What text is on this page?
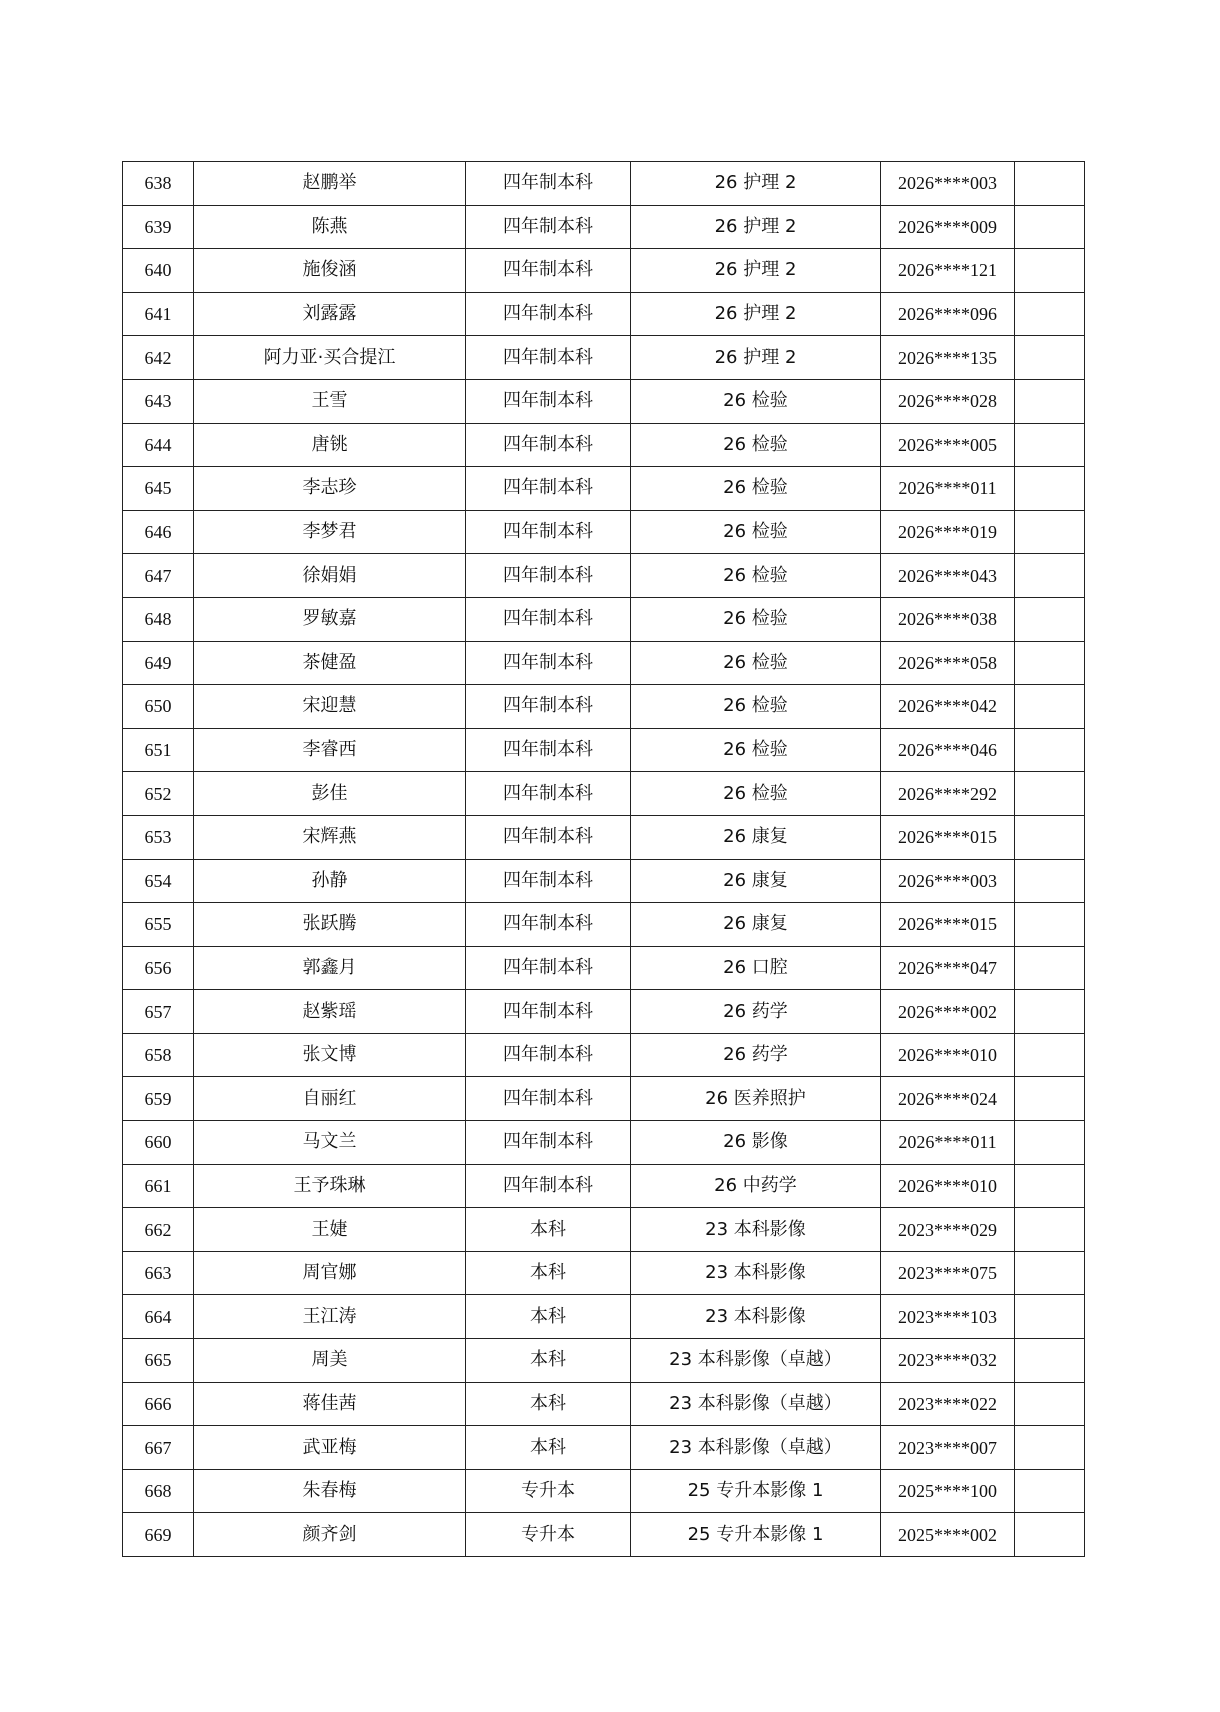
638	赵鹏举	四年制本科	26 护理 2	2026****003	
639	陈燕	四年制本科	26 护理 2	2026****009	
640	施俊涵	四年制本科	26 护理 2	2026****121	
641	刘露露	四年制本科	26 护理 2	2026****096	
642	阿力亚·买合提江	四年制本科	26 护理 2	2026****135	
643	王雪	四年制本科	26 检验	2026****028	
644	唐铫	四年制本科	26 检验	2026****005	
645	李志珍	四年制本科	26 检验	2026****011	
646	李梦君	四年制本科	26 检验	2026****019	
647	徐娟娟	四年制本科	26 检验	2026****043	
648	罗敏嘉	四年制本科	26 检验	2026****038	
649	茶健盈	四年制本科	26 检验	2026****058	
650	宋迎慧	四年制本科	26 检验	2026****042	
651	李睿西	四年制本科	26 检验	2026****046	
652	彭佳	四年制本科	26 检验	2026****292	
653	宋辉燕	四年制本科	26 康复	2026****015	
654	孙静	四年制本科	26 康复	2026****003	
655	张跃腾	四年制本科	26 康复	2026****015	
656	郭鑫月	四年制本科	26 口腔	2026****047	
657	赵紫瑶	四年制本科	26 药学	2026****002	
658	张文博	四年制本科	26 药学	2026****010	
659	自丽红	四年制本科	26 医养照护	2026****024	
660	马文兰	四年制本科	26 影像	2026****011	
661	王予珠琳	四年制本科	26 中药学	2026****010	
662	王婕	本科	23 本科影像	2023****029	
663	周官娜	本科	23 本科影像	2023****075	
664	王江涛	本科	23 本科影像	2023****103	
665	周美	本科	23 本科影像（卓越）	2023****032	
666	蒋佳茜	本科	23 本科影像（卓越）	2023****022	
667	武亚梅	本科	23 本科影像（卓越）	2023****007	
668	朱春梅	专升本	25 专升本影像 1	2025****100	
669	颜齐剑	专升本	25 专升本影像 1	2025****002	
